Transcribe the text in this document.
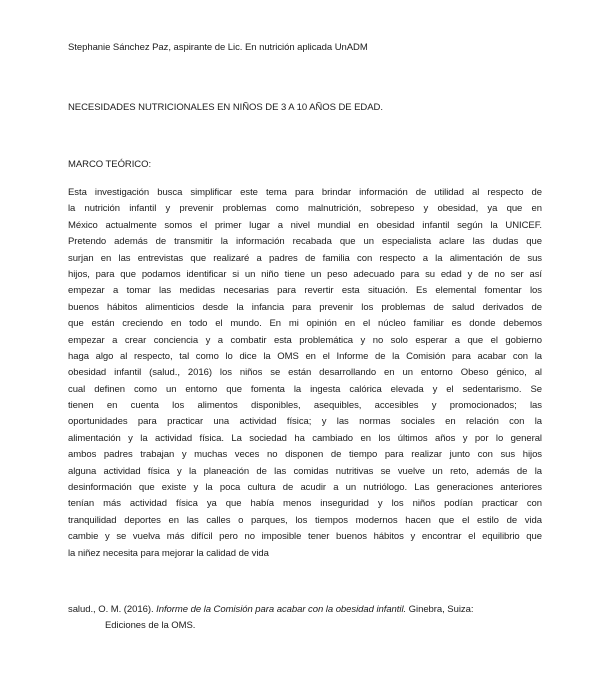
Stephanie Sánchez Paz, aspirante de Lic. En nutrición aplicada UnADM
NECESIDADES NUTRICIONALES EN NIÑOS DE 3 A 10 AÑOS DE EDAD.
MARCO TEÓRICO:
Esta investigación busca simplificar este tema para brindar información de utilidad al respecto de
la nutrición infantil y prevenir problemas como malnutrición, sobrepeso y obesidad, ya que en
México actualmente somos el primer lugar a nivel mundial en obesidad infantil según la UNICEF.
Pretendo además de transmitir la información recabada que un especialista aclare las dudas que
surjan en las entrevistas que realizaré a padres de familia con respecto a la alimentación de sus
hijos, para que podamos identificar si un niño tiene un peso adecuado para su edad y de no ser así
empezar a tomar las medidas necesarias para revertir esta situación. Es elemental fomentar los
buenos hábitos alimenticios desde la infancia para prevenir los problemas de salud derivados de
que están creciendo en todo el mundo. En mi opinión en el núcleo familiar es donde debemos
empezar a crear conciencia y a combatir esta problemática y no solo esperar a que el gobierno
haga algo al respecto, tal como lo dice la OMS en el Informe de la Comisión para acabar con la
obesidad infantil (salud., 2016) los niños se están desarrollando en un entorno Obeso génico, al
cual definen como un entorno que fomenta la ingesta calórica elevada y el sedentarismo. Se
tienen en cuenta los alimentos disponibles, asequibles, accesibles y promocionados; las
oportunidades para practicar una actividad física; y las normas sociales en relación con la
alimentación y la actividad física. La sociedad ha cambiado en los últimos años y por lo general
ambos padres trabajan y muchas veces no disponen de tiempo para realizar junto con sus hijos
alguna actividad física y la planeación de las comidas nutritivas se vuelve un reto, además de la
desinformación que existe y la poca cultura de acudir a un nutriólogo. Las generaciones anteriores
tenían más actividad física ya que había menos inseguridad y los niños podían practicar con
tranquilidad deportes en las calles o parques, los tiempos modernos hacen que el estilo de vida
cambie y se vuelva más difícil pero no imposible tener buenos hábitos y encontrar el equilibrio que
la niñez necesita para mejorar la calidad de vida
salud., O. M. (2016). Informe de la Comisión para acabar con la obesidad infantil. Ginebra, Suiza:
Ediciones de la OMS.
